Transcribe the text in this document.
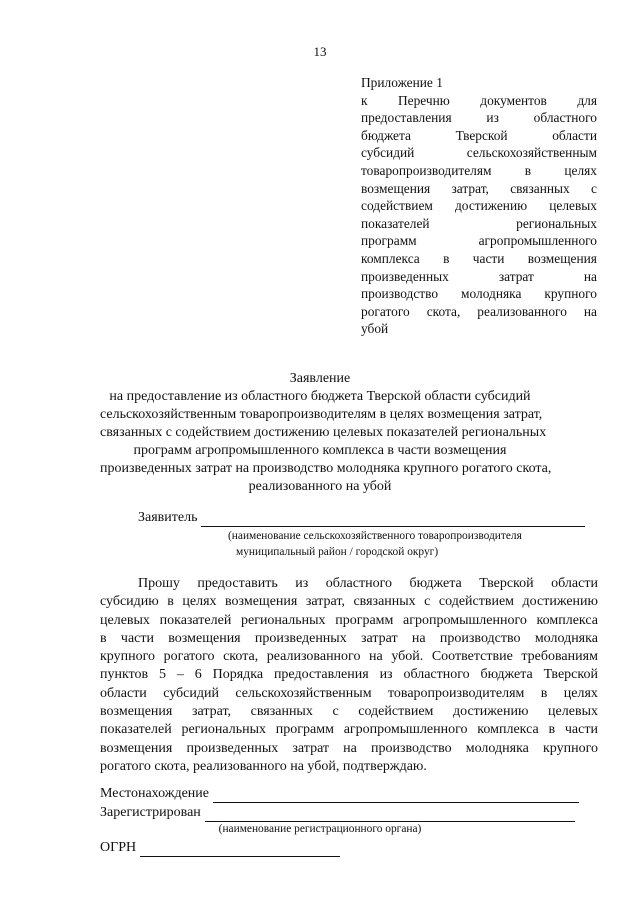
13
Приложение 1
к Перечню документов для
предоставления	из	областного
бюджета	Тверской	области
субсидий	сельскохозяйственным
товаропроизводителям в целях
возмещения затрат, связанных с
содействием достижению целевых
показателей	региональных
программ	агропромышленного
комплекса в части возмещения
произведенных	затрат	на
производство молодняка крупного
рогатого скота, реализованного на
убой
Заявление
на предоставление из областного бюджета Тверской области субсидий
сельскохозяйственным товаропроизводителям в целях возмещения затрат,
связанных с содействием достижению целевых показателей региональных
программ агропромышленного комплекса в части возмещения
произведенных затрат на производство молодняка крупного рогатого скота,
реализованного на убой
Заявитель
(наименование сельскохозяйственного товаропроизводителя
муниципальный район / городской округ)
Прошу предоставить из областного бюджета Тверской области
субсидию в целях возмещения затрат, связанных с содействием достижению
целевых показателей региональных программ агропромышленного комплекса
в части возмещения произведенных затрат на производство молодняка
крупного рогатого скота, реализованного на убой. Соответствие требованиям
пунктов 5 – 6 Порядка предоставления из областного бюджета Тверской
области субсидий сельскохозяйственным товаропроизводителям в целях
возмещения затрат, связанных с содействием достижению целевых
показателей региональных программ агропромышленного комплекса в части
возмещения произведенных затрат на производство молодняка крупного
рогатого скота, реализованного на убой, подтверждаю.
Местонахождение
Зарегистрирован
(наименование регистрационного органа)
ОГРН
